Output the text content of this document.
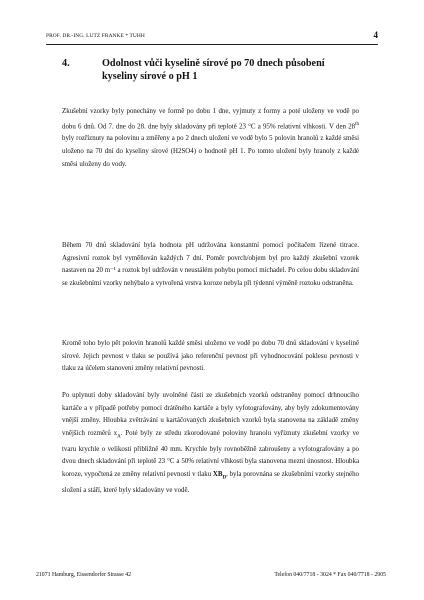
PROF. DR.-ING. LUTZ FRANKE * TUHH	4
4.	Odolnost vůči kyselině sírové po 70 dnech působení kyseliny sírové o pH 1

Zkušební vzorky byly ponechány ve formě po dobu 1 dne, vyjmuty z formy a poté uloženy ve vodě po dobu 6 dnů. Od 7. dne do 28. dne byly skladovány při teplotě 23 °C a 95% relativní vlhkosti. V den 28th byly rozříznuty na polovinu a změřeny a po 2 dnech uložení ve vodě bylo 5 polovin hranolů z každé směsi uloženo na 70 dní do kyseliny sírové (H2SO4) o hodnotě pH 1. Po tomto uložení byly hranoly z každé směsi uloženy do vody.

Během 70 dnů skladování byla hodnota pH udržována konstantní pomocí počítačem řízené titrace. Agresivní roztok byl vyměňován každých 7 dní. Poměr povrch/objem byl pro každý zkušební vzorek nastaven na 20 m⁻¹ a roztok byl udržován v neustálém pohybu pomocí míchadel. Po celou dobu skladování se zkušebními vzorky nehýbalo a vytvořená vrstva koroze nebyla při týdenní výměně roztoku odstraněna.

Kromě toho bylo pět polovin hranolů každé směsi uloženo ve vodě po dobu 70 dnů skladování v kyselině sírové. Jejich pevnost v tlaku se používá jako referenční pevnost při vyhodnocování poklesu pevnosti v tlaku za účelem stanovení změny relativní pevnosti.

Po uplynutí doby skladování byly uvolněné části ze zkušebních vzorků odstraněny pomocí drhnoucího kartáče a v případě potřeby pomocí drátěného kartáče a byly vyfotografovány, aby byly zdokumentovány vnější změny. Hloubka zvětrávání u kartáčovaných zkušebních vzorků byla stanovena na základě změny vnějších rozměrů $x_A$. Poté byly ze středu zkorodované poloviny hranolu vyříznuty zkušební vzorky ve tvaru krychle o velikosti přibližně 40 mm. Krychle byly rovnoběžně zabroušeny a vyfotografovány a po dvou dnech skladování při teplotě 23 °C a 50% relativní vlhkosti byla stanovena mezní únosnost. Hloubka koroze, vypočtená ze změny relativní pevnosti v tlaku $XB_D$, byla porovnána se zkušebními vzorky stejného složení a stáří, které byly skladovány ve vodě.

21071 Hamburg, Eissendorfer Strasse 42	Telefon 040/7718 - 3024 * Fax 040/7718 - 2905
